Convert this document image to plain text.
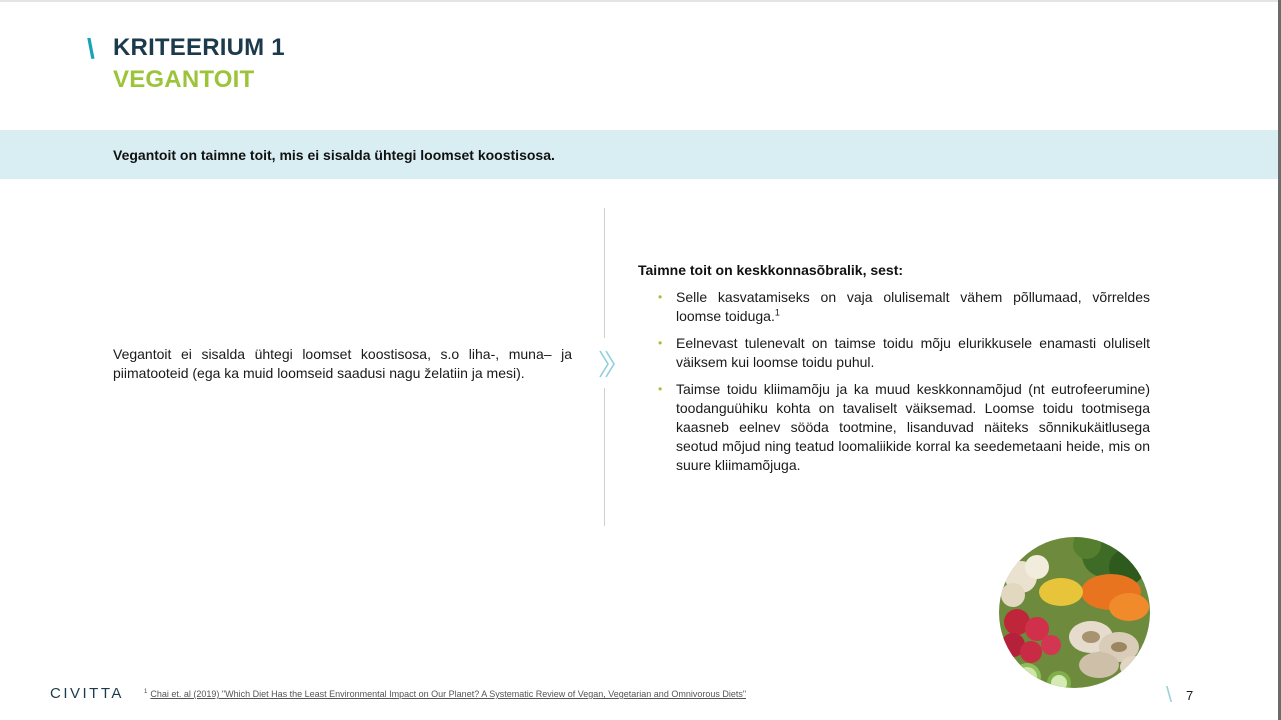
\ KRITEERIUM 1
VEGANTOIT
Vegantoit on taimne toit, mis ei sisalda ühtegi loomset koostisosa.
Vegantoit ei sisalda ühtegi loomset koostisosa, s.o liha-, muna– ja piimatooteid (ega ka muid loomseid saadusi nagu želatiin ja mesi).
Taimne toit on keskkonnasõbralik, sest:
• Selle kasvatamiseks on vaja olulisemalt vähem põllumaad, võrreldes loomse toiduga.$^1$
• Eelnevast tulenevalt on taimse toidu mõju elurikkusele enamasti oluliselt väiksem kui loomse toidu puhul.
• Taimse toidu kliimamõju ja ka muud keskkonnamõjud (nt eutrofeerumine) toodanguühiku kohta on tavaliselt väiksemad. Loomse toidu tootmisega kaasneb eelnev sööda tootmine, lisanduvad näiteks sõnnikukäitlusega seotud mõjud ning teatud loomaliikide korral ka seedemetaani heide, mis on suure kliimamõjuga.
CIVITTA	$^1$ Chai et. al (2019) "Which Diet Has the Least Environmental Impact on Our Planet? A Systematic Review of Vegan, Vegetarian and Omnivorous Diets"	\ 7
